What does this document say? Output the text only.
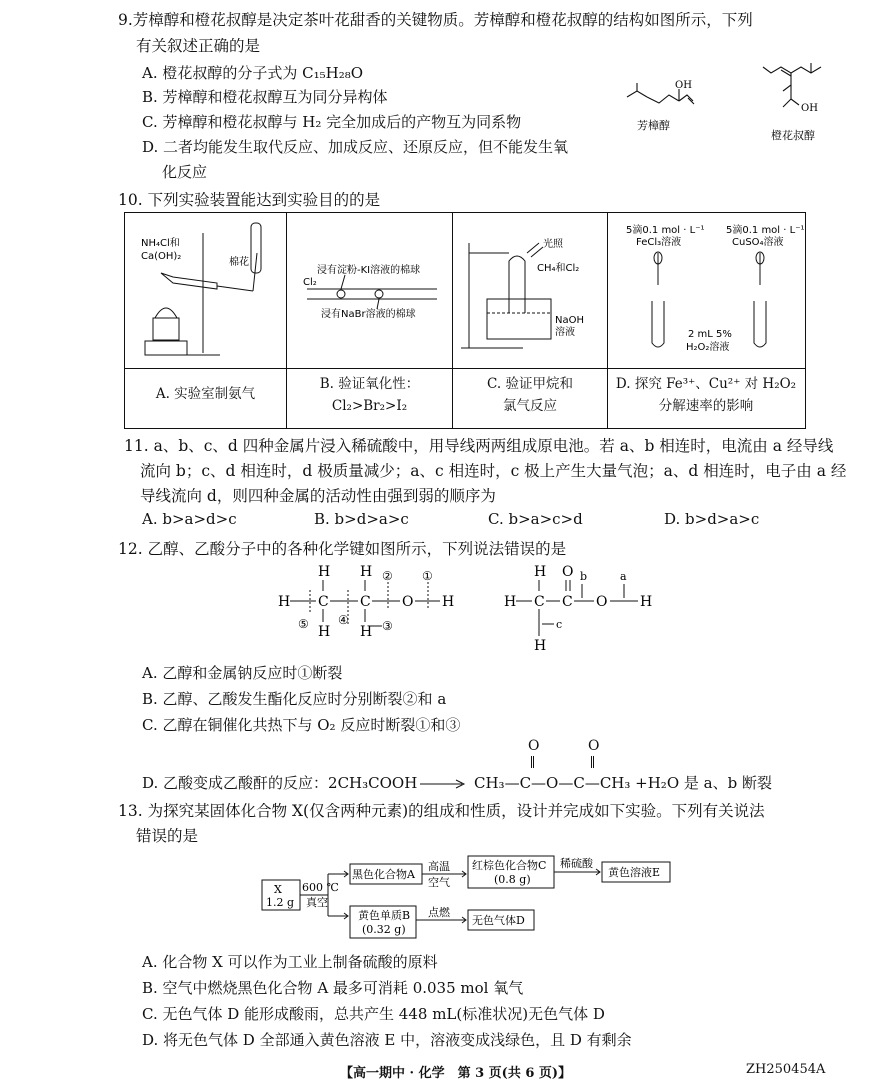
9.芳樟醇和橙花叔醇是决定茶叶花甜香的关键物质。芳樟醇和橙花叔醇的结构如图所示，下列
有关叙述正确的是
A. 橙花叔醇的分子式为 C₁₅H₂₈O
B. 芳樟醇和橙花叔醇互为同分异构体
C. 芳樟醇和橙花叔醇与 H₂ 完全加成后的产物互为同系物
D. 二者均能发生取代反应、加成反应、还原反应，但不能发生氧
化反应
OH
芳樟醇
OH
橙花叔醇
10. 下列实验装置能达到实验目的的是
NH₄Cl和
Ca(OH)₂
棉花
Cl₂
浸有淀粉-KI溶液的棉球
浸有NaBr溶液的棉球
光照
CH₄和Cl₂
NaOH
溶液
5滴0.1 mol · L⁻¹
FeCl₃溶液
5滴0.1 mol · L⁻¹
CuSO₄溶液
2 mL 5%
H₂O₂溶液
A. 实验室制氨气
B. 验证氧化性：
Cl₂>Br₂>I₂
C. 验证甲烷和
氯气反应
D. 探究 Fe³⁺、Cu²⁺ 对 H₂O₂
分解速率的影响
11. a、b、c、d 四种金属片浸入稀硫酸中，用导线两两组成原电池。若 a、b 相连时，电流由 a 经导线
流向 b；c、d 相连时，d 极质量减少；a、c 相连时，c 极上产生大量气泡；a、d 相连时，电子由 a 经
导线流向 d，则四种金属的活动性由强到弱的顺序为
A. b>a>d>c	B. b>d>a>c	C. b>a>c>d	D. b>d>a>c
12. 乙醇、乙酸分子中的各种化学键如图所示，下列说法错误的是
H C C O H
H H
H H
② ①
⑤ ④	③
H C C O H
H O
H
b	a
c
A. 乙醇和金属钠反应时①断裂
B. 乙醇、乙酸发生酯化反应时分别断裂②和 a
C. 乙醇在铜催化共热下与 O₂ 反应时断裂①和③
O	O
D. 乙酸变成乙酸酐的反应：2CH₃COOH → CH₃—C—O—C—CH₃ +H₂O 是 a、b 断裂
13. 为探究某固体化合物 X(仅含两种元素)的组成和性质，设计并完成如下实验。下列有关说法
错误的是
X
1.2 g
600 ℃
真空
黑色化合物A
高温
空气
红棕色化合物C
(0.8 g)
稀硫酸
黄色溶液E
黄色单质B
(0.32 g)
点燃
无色气体D
A. 化合物 X 可以作为工业上制备硫酸的原料
B. 空气中燃烧黑色化合物 A 最多可消耗 0.035 mol 氧气
C. 无色气体 D 能形成酸雨，总共产生 448 mL(标准状况)无色气体 D
D. 将无色气体 D 全部通入黄色溶液 E 中，溶液变成浅绿色，且 D 有剩余
【高一期中 · 化学　第 3 页(共 6 页)】	ZH250454A
